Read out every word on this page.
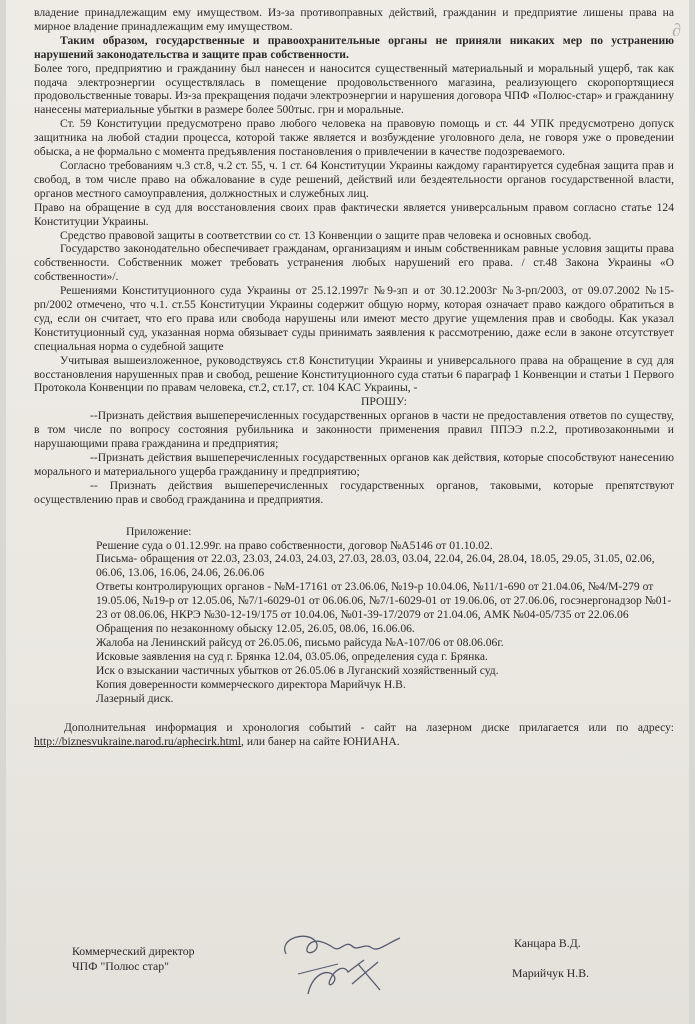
∂

владение принадлежащим ему имуществом. Из-за противоправных действий, гражданин и предприятие лишены права на мирное владение принадлежащим ему имуществом.

Таким образом, государственные и правоохранительные органы не приняли никаких мер по устранению нарушений законодательства и защите прав собственности.

Более того, предприятию и гражданину был нанесен и наносится существенный материальный и моральный ущерб, так как подача электроэнергии осуществлялась в помещение продовольственного магазина, реализующего скоропортящиеся продовольственные товары. Из-за прекращения подачи электроэнергии и нарушения договора ЧПФ «Полюс-стар» и гражданину нанесены материальные убытки в размере более 500тыс. грн и моральные.

Ст. 59 Конституции предусмотрено право любого человека на правовую помощь и ст. 44 УПК предусмотрено допуск защитника на любой стадии процесса, которой также является и возбуждение уголовного дела, не говоря уже о проведении обыска, а не формально с момента предъявления постановления о привлечении в качестве подозреваемого.

Согласно требованиям ч.3 ст.8, ч.2 ст. 55, ч. 1 ст. 64 Конституции Украины каждому гарантируется судебная защита прав и свобод, в том числе право на обжалование в суде решений, действий или бездеятельности органов государственной власти, органов местного самоуправления, должностных и служебных лиц.

Право на обращение в суд для восстановления своих прав фактически является универсальным правом согласно статье 124 Конституции Украины.

Средство правовой защиты в соответствии со ст. 13 Конвенции о защите прав человека и основных свобод.

Государство законодательно обеспечивает гражданам, организациям и иным собственникам равные условия защиты права собственности. Собственник может требовать устранения любых нарушений его права. / ст.48 Закона Украины «О собственности»/.

Решениями Конституционного суда Украины от 25.12.1997г №9-зп и от 30.12.2003г №3-рп/2003, от 09.07.2002 №15-рп/2002 отмечено, что ч.1. ст.55 Конституции Украины содержит общую норму, которая означает право каждого обратиться в суд, если он считает, что его права или свобода нарушены или имеют место другие ущемления прав и свободы. Как указал Конституционный суд, указанная норма обязывает суды принимать заявления к рассмотрению, даже если в законе отсутствует специальная норма о судебной защите

Учитывая вышеизложенное, руководствуясь ст.8 Конституции Украины и универсального права на обращение в суд для восстановления нарушенных прав и свобод, решение Конституционного суда статьи 6 параграф 1 Конвенции и статьи 1 Первого Протокола Конвенции по правам человека, ст.2, ст.17, ст. 104 КАС Украины, -

ПРОШУ:

--Признать действия вышеперечисленных государственных органов в части не предоставления ответов по существу, в том числе по вопросу состояния рубильника и законности применения правил ППЭЭ п.2.2, противозаконными и нарушающими права гражданина и предприятия;

--Признать действия вышеперечисленных государственных органов как действия, которые способствуют нанесению морального и материального ущерба гражданину и предприятию;

-- Признать действия вышеперечисленных государственных органов, таковыми, которые препятствуют осуществлению прав и свобод гражданина и предприятия.

Приложение:

Решение суда о 01.12.99г. на право собственности, договор №А5146 от 01.10.02.

Письма- обращения от 22.03, 23.03, 24.03, 24.03, 27.03, 28.03, 03.04, 22.04, 26.04, 28.04, 18.05, 29.05, 31.05, 02.06, 06.06, 13.06, 16.06, 24.06, 26.06.06

Ответы контролирующих органов - №М-17161 от 23.06.06, №19-р 10.04.06, №11/1-690 от 21.04.06, №4/М-279 от 19.05.06, №19-р от 12.05.06, №7/1-6029-01 от 06.06.06, №7/1-6029-01 от 19.06.06, от 27.06.06, госэнергонадзор №01-23 от 08.06.06, НКРЭ №30-12-19/175 от 10.04.06, №01-39-17/2079 от 21.04.06, АМК №04-05/735 от 22.06.06

Обращения по незаконному обыску 12.05, 26.05, 08.06, 16.06.06.

Жалоба на Ленинский райсуд от 26.05.06, письмо райсуда №А-107/06 от 08.06.06г.

Исковые заявления на суд г. Брянка 12.04, 03.05.06, определения суда г. Брянка.

Иск о взыскании частичных убытков от 26.05.06 в Луганский хозяйственный суд.

Копия доверенности коммерческого директора Марийчук Н.В.

Лазерный диск.

Дополнительная информация и хронология событий - сайт на лазерном диске прилагается или по адресу: http://biznesvukraine.narod.ru/aphecirk.html, или банер на сайте ЮНИАНА.

Коммерческий директор
ЧПФ "Полюс стар"
Канцара В.Д.
Марийчук Н.В.
